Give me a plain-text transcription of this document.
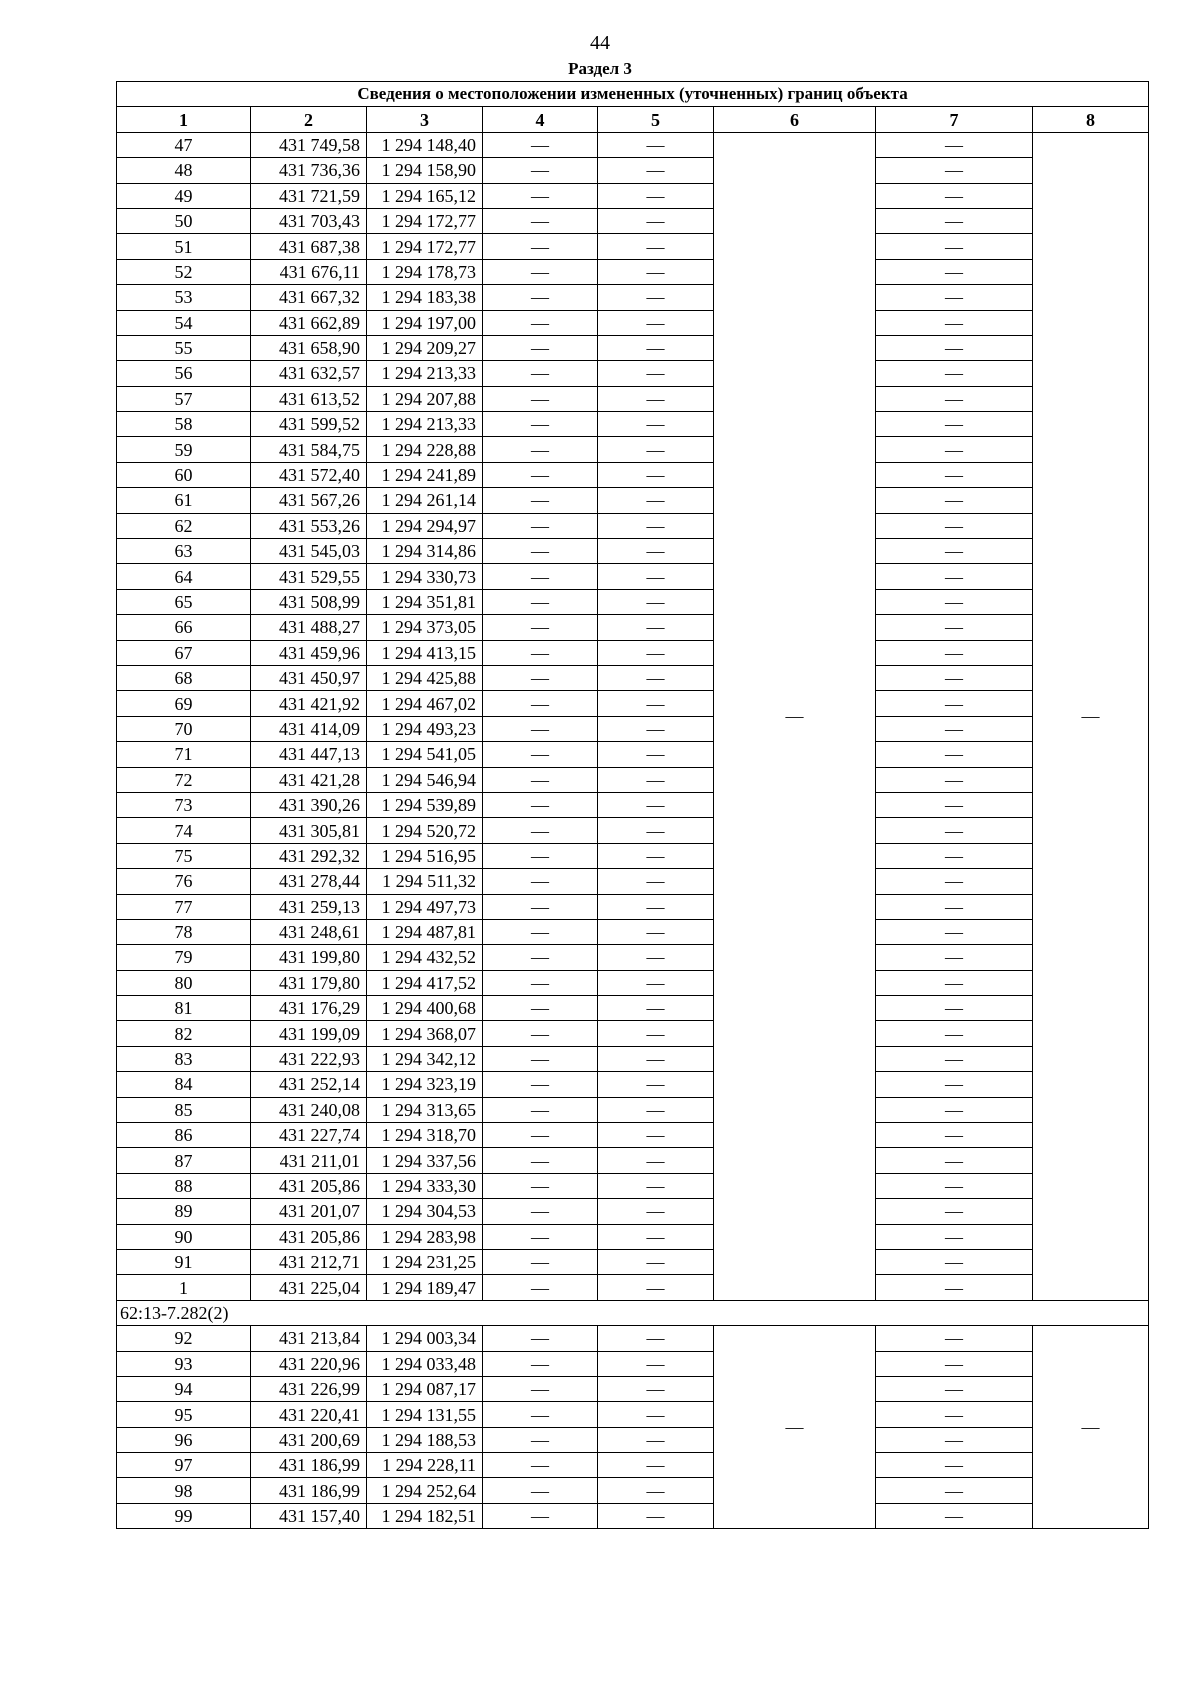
44
Раздел 3
Сведения о местоположении измененных (уточненных) границ объекта							
1	2	3	4	5	6	7	8
47	431 749,58	1 294 148,40	—	—	—	—	—
48	431 736,36	1 294 158,90	—	—		—	
49	431 721,59	1 294 165,12	—	—		—	
50	431 703,43	1 294 172,77	—	—		—	
51	431 687,38	1 294 172,77	—	—		—	
52	431 676,11	1 294 178,73	—	—		—	
53	431 667,32	1 294 183,38	—	—		—	
54	431 662,89	1 294 197,00	—	—		—	
55	431 658,90	1 294 209,27	—	—		—	
56	431 632,57	1 294 213,33	—	—		—	
57	431 613,52	1 294 207,88	—	—		—	
58	431 599,52	1 294 213,33	—	—		—	
59	431 584,75	1 294 228,88	—	—		—	
60	431 572,40	1 294 241,89	—	—		—	
61	431 567,26	1 294 261,14	—	—		—	
62	431 553,26	1 294 294,97	—	—		—	
63	431 545,03	1 294 314,86	—	—		—	
64	431 529,55	1 294 330,73	—	—		—	
65	431 508,99	1 294 351,81	—	—		—	
66	431 488,27	1 294 373,05	—	—		—	
67	431 459,96	1 294 413,15	—	—		—	
68	431 450,97	1 294 425,88	—	—		—	
69	431 421,92	1 294 467,02	—	—		—	
70	431 414,09	1 294 493,23	—	—		—	
71	431 447,13	1 294 541,05	—	—		—	
72	431 421,28	1 294 546,94	—	—		—	
73	431 390,26	1 294 539,89	—	—		—	
74	431 305,81	1 294 520,72	—	—		—	
75	431 292,32	1 294 516,95	—	—		—	
76	431 278,44	1 294 511,32	—	—		—	
77	431 259,13	1 294 497,73	—	—		—	
78	431 248,61	1 294 487,81	—	—		—	
79	431 199,80	1 294 432,52	—	—		—	
80	431 179,80	1 294 417,52	—	—		—	
81	431 176,29	1 294 400,68	—	—		—	
82	431 199,09	1 294 368,07	—	—		—	
83	431 222,93	1 294 342,12	—	—		—	
84	431 252,14	1 294 323,19	—	—		—	
85	431 240,08	1 294 313,65	—	—		—	
86	431 227,74	1 294 318,70	—	—		—	
87	431 211,01	1 294 337,56	—	—		—	
88	431 205,86	1 294 333,30	—	—		—	
89	431 201,07	1 294 304,53	—	—		—	
90	431 205,86	1 294 283,98	—	—		—	
91	431 212,71	1 294 231,25	—	—		—	
1	431 225,04	1 294 189,47	—	—		—	
62:13-7.282(2)							
92	431 213,84	1 294 003,34	—	—	—	—	—
93	431 220,96	1 294 033,48	—	—		—	
94	431 226,99	1 294 087,17	—	—		—	
95	431 220,41	1 294 131,55	—	—		—	
96	431 200,69	1 294 188,53	—	—		—	
97	431 186,99	1 294 228,11	—	—		—	
98	431 186,99	1 294 252,64	—	—		—	
99	431 157,40	1 294 182,51	—	—		—	
